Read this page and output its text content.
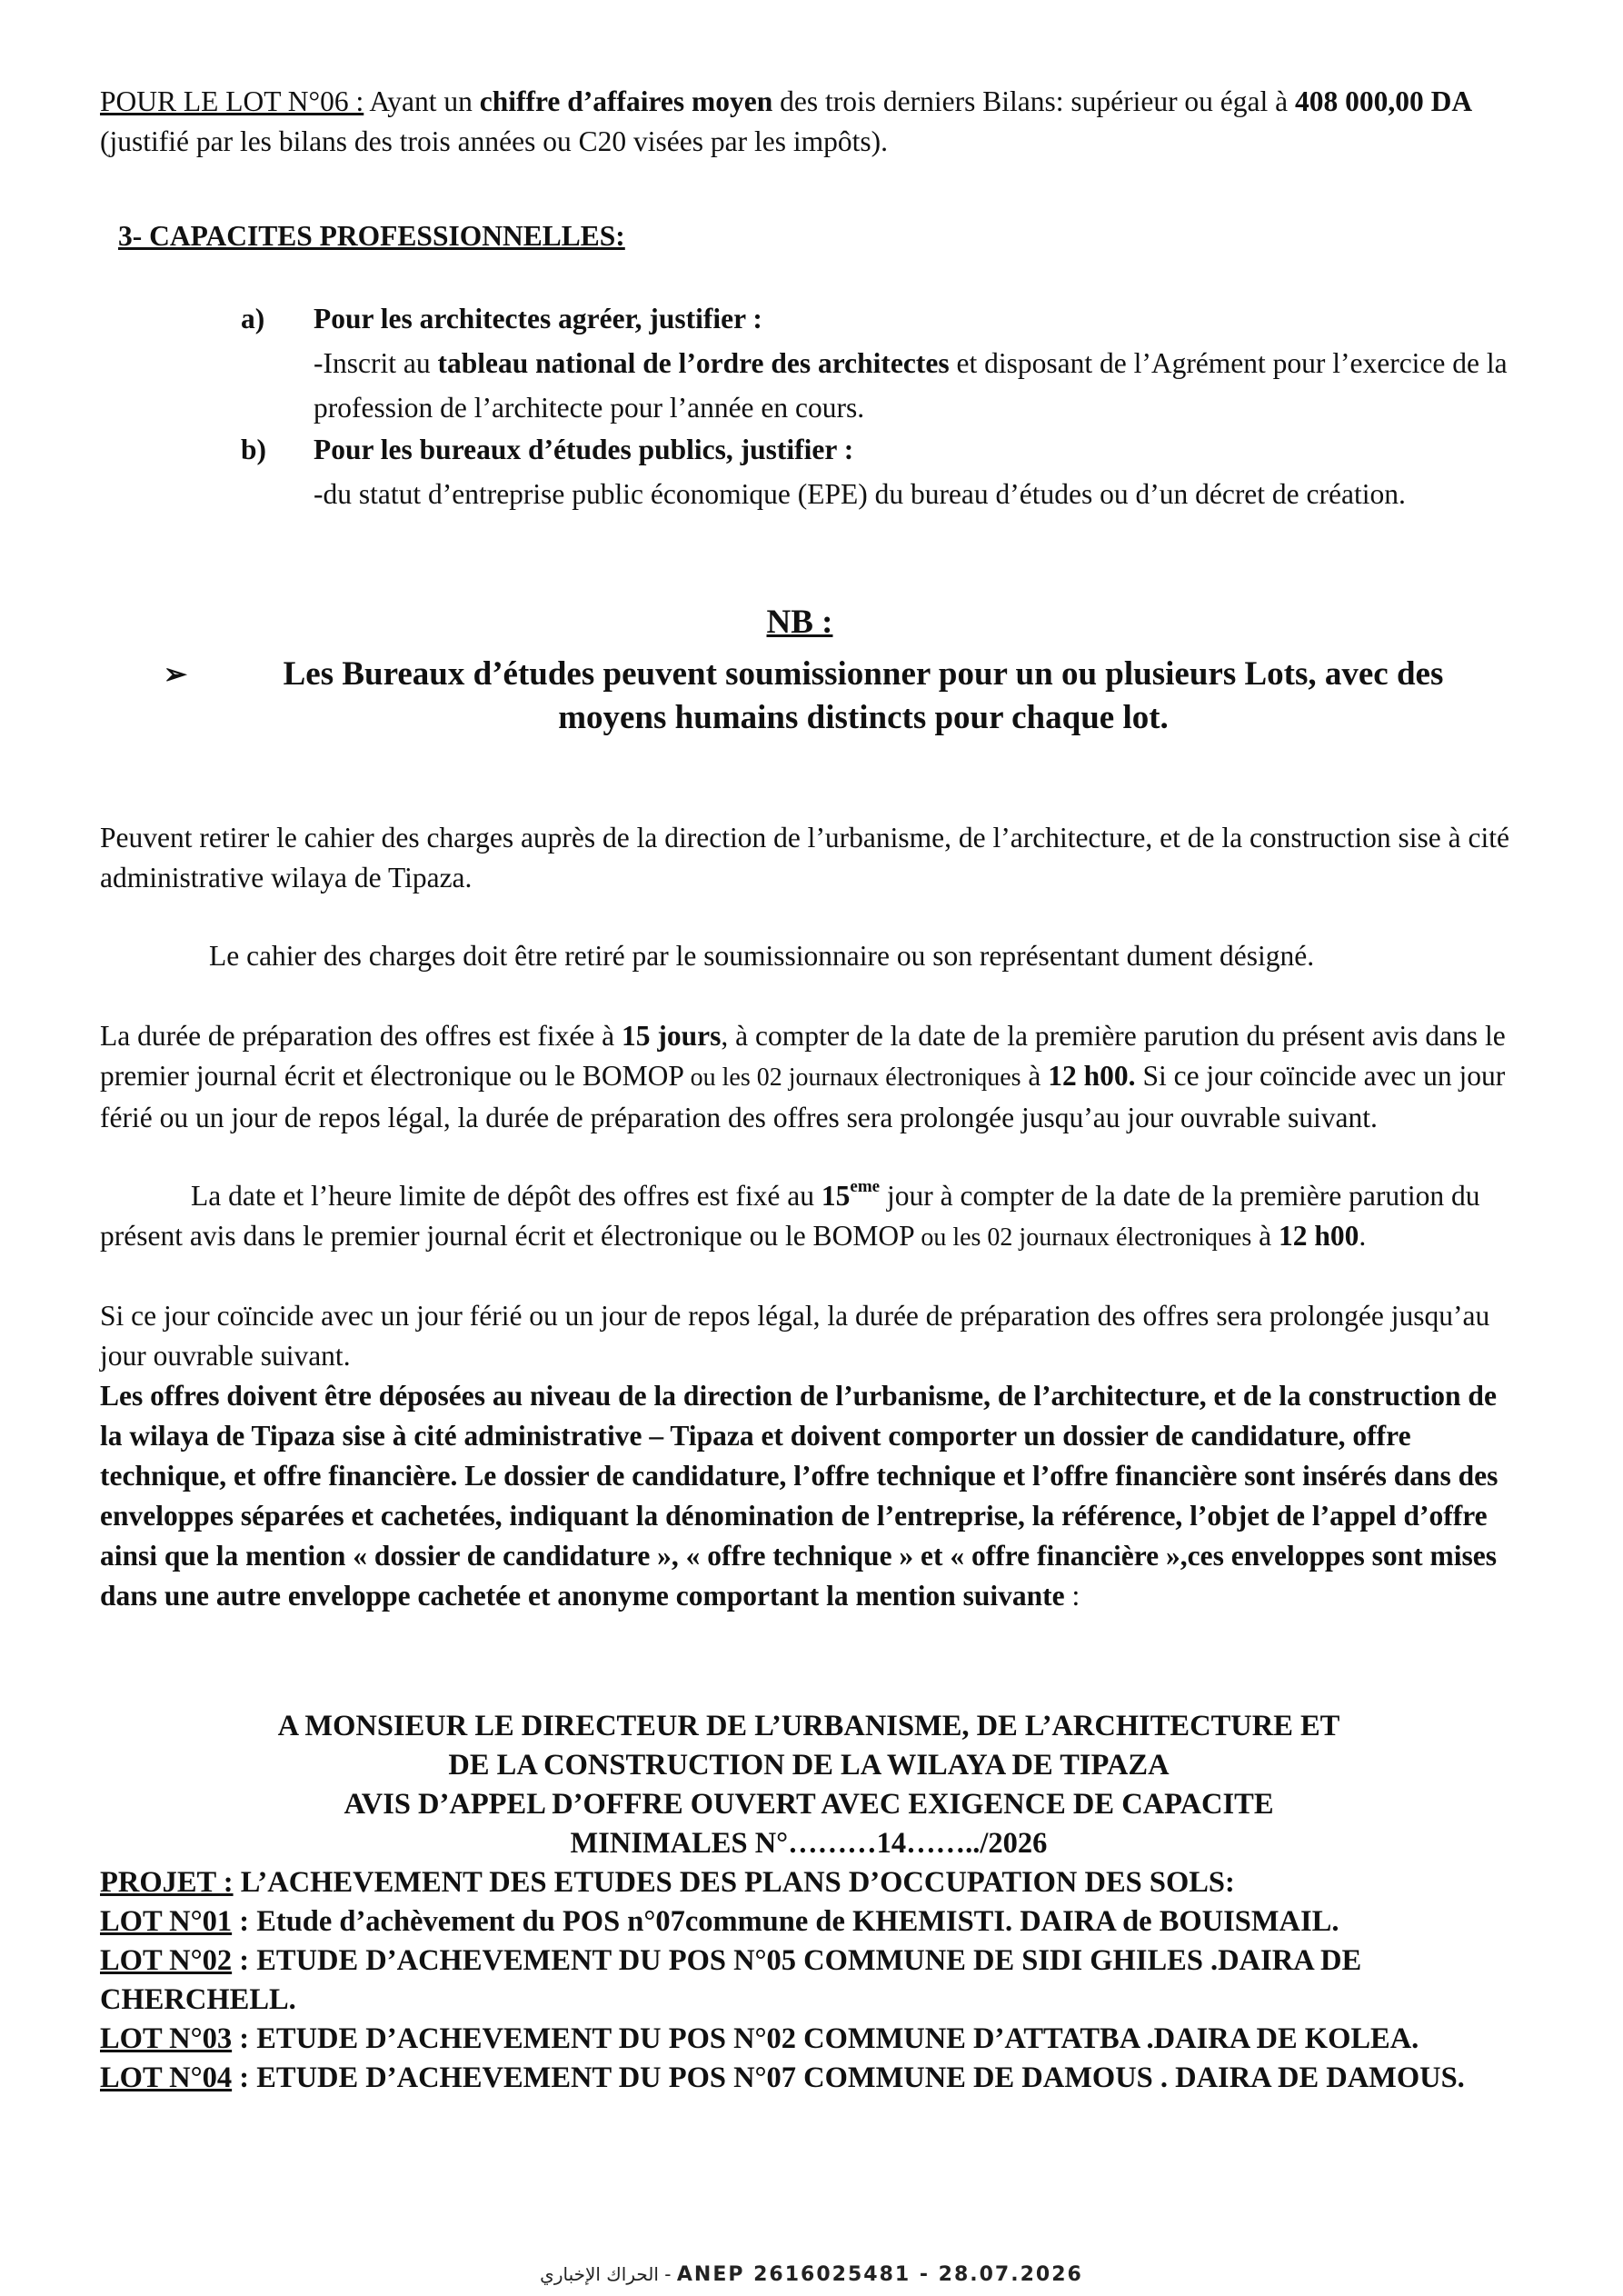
POUR LE LOT N°06 : Ayant un chiffre d’affaires moyen des trois derniers Bilans: supérieur ou égal à 408 000,00 DA (justifié par les bilans des trois années ou C20 visées par les impôts).

3- CAPACITES PROFESSIONNELLES:

a)	Pour les architectes agréer, justifier :
-Inscrit au tableau national de l’ordre des architectes et disposant de l’Agrément pour l’exercice de la profession de l’architecte pour l’année en cours.
b)	Pour les bureaux d’études publics, justifier :
-du statut d’entreprise public économique (EPE) du bureau d’études ou d’un décret de création.

NB :

➢	Les Bureaux d’études peuvent soumissionner pour un ou plusieurs Lots, avec des moyens humains distincts pour chaque lot.

Peuvent retirer le cahier des charges auprès de la direction de l’urbanisme, de l’architecture, et de la construction sise à cité administrative wilaya de Tipaza.

Le cahier des charges doit être retiré par le soumissionnaire ou son représentant dument désigné.

La durée de préparation des offres est fixée à 15 jours, à compter de la date de la première parution du présent avis dans le premier journal écrit et électronique ou le BOMOP ou les 02 journaux électroniques à 12 h00. Si ce jour coïncide avec un jour férié ou un jour de repos légal, la durée de préparation des offres sera prolongée jusqu’au jour ouvrable suivant.

La date et l’heure limite de dépôt des offres est fixé au 15eme jour à compter de la date de la première parution du présent avis dans le premier journal écrit et électronique ou le BOMOP ou les 02 journaux électroniques à 12 h00.

Si ce jour coïncide avec un jour férié ou un jour de repos légal, la durée de préparation des offres sera prolongée jusqu’au jour ouvrable suivant.

Les offres doivent être déposées au niveau de la direction de l’urbanisme, de l’architecture, et de la construction de la wilaya de Tipaza sise à cité administrative – Tipaza et doivent comporter un dossier de candidature, offre technique, et offre financière. Le dossier de candidature, l’offre technique et l’offre financière sont insérés dans des enveloppes séparées et cachetées, indiquant la dénomination de l’entreprise, la référence, l’objet de l’appel d’offre ainsi que la mention « dossier de candidature », « offre technique » et « offre financière »,ces enveloppes sont mises dans une autre enveloppe cachetée et anonyme comportant la mention suivante :

A MONSIEUR LE DIRECTEUR DE L’URBANISME, DE L’ARCHITECTURE ET
DE LA CONSTRUCTION DE LA WILAYA DE TIPAZA
AVIS D’APPEL D’OFFRE OUVERT AVEC EXIGENCE DE CAPACITE
MINIMALES N°………14……../2026
PROJET : L’ACHEVEMENT DES ETUDES DES PLANS D’OCCUPATION DES SOLS:
LOT N°01 : Etude d’achèvement du POS n°07commune de KHEMISTI. DAIRA de BOUISMAIL.
LOT N°02 : ETUDE D’ACHEVEMENT DU POS N°05 COMMUNE DE SIDI GHILES .DAIRA DE CHERCHELL.
LOT N°03 : ETUDE D’ACHEVEMENT DU POS N°02 COMMUNE D’ATTATBA .DAIRA DE KOLEA.
LOT N°04 : ETUDE D’ACHEVEMENT DU POS N°07 COMMUNE DE DAMOUS . DAIRA DE DAMOUS.
الحراك الإخباري - ANEP 2616025481 - 28.07.2026
